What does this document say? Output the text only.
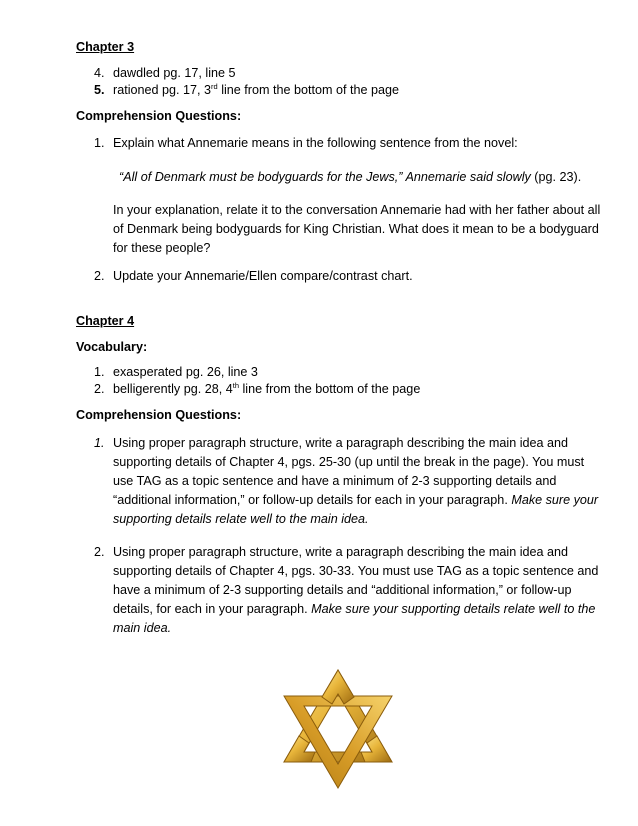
Chapter 3
4. dawdled pg. 17, line 5
5. rationed pg. 17, 3rd line from the bottom of the page
Comprehension Questions:
1. Explain what Annemarie means in the following sentence from the novel:
“All of Denmark must be bodyguards for the Jews,” Annemarie said slowly (pg. 23).
In your explanation, relate it to the conversation Annemarie had with her father about all
of Denmark being bodyguards for King Christian. What does it mean to be a bodyguard
for these people?
2. Update your Annemarie/Ellen compare/contrast chart.
Chapter 4
Vocabulary:
1. exasperated pg. 26, line 3
2. belligerently pg. 28, 4th line from the bottom of the page
Comprehension Questions:
1. Using proper paragraph structure, write a paragraph describing the main idea and
supporting details of Chapter 4, pgs. 25-30 (up until the break in the page). You must
use TAG as a topic sentence and have a minimum of 2-3 supporting details and
“additional information,” or follow-up details for each in your paragraph. Make sure your
supporting details relate well to the main idea.
2. Using proper paragraph structure, write a paragraph describing the main idea and
supporting details of Chapter 4, pgs. 30-33. You must use TAG as a topic sentence and
have a minimum of 2-3 supporting details and “additional information,” or follow-up
details, for each in your paragraph. Make sure your supporting details relate well to the
main idea.
